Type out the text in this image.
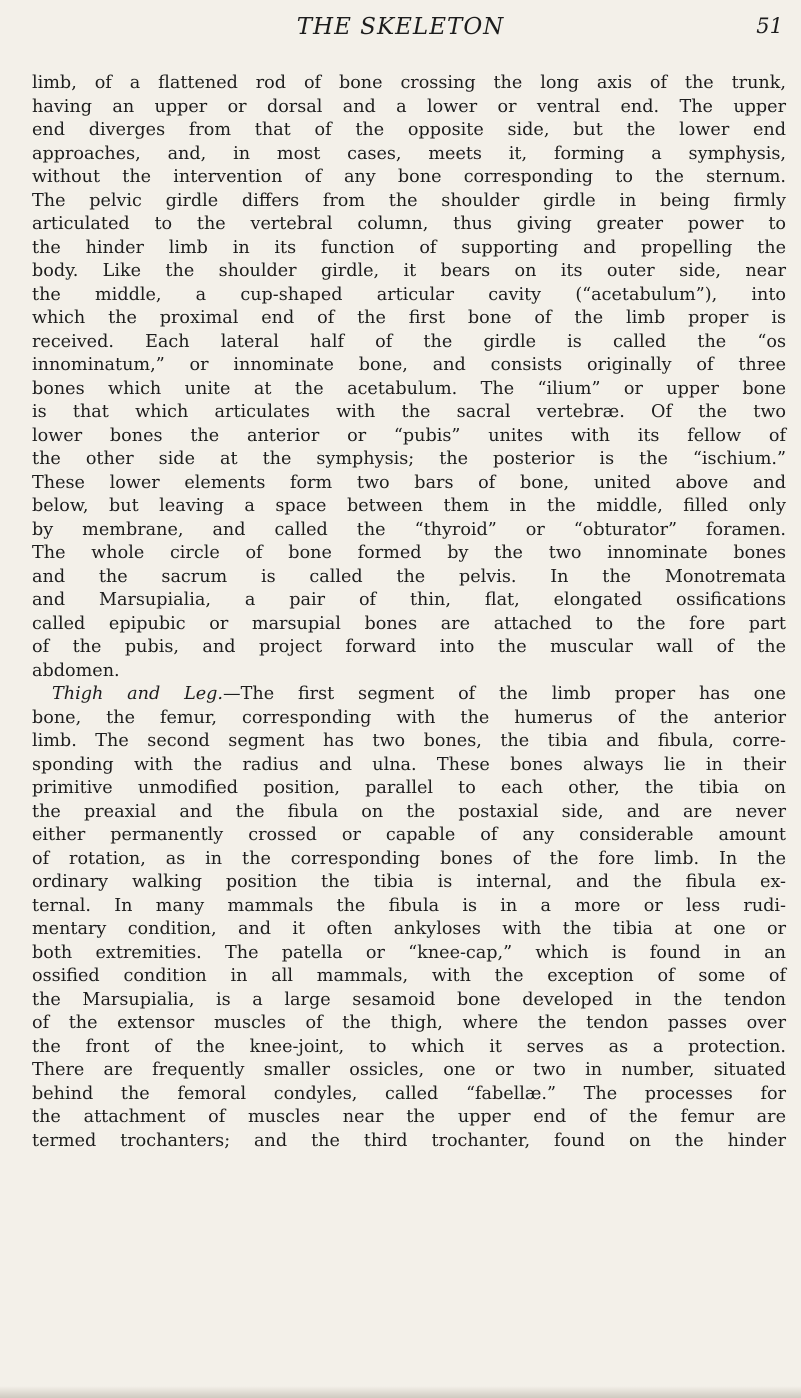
THE SKELETON	51
limb, of a flattened rod of bone crossing the long axis of the trunk,
having an upper or dorsal and a lower or ventral end. The upper
end diverges from that of the opposite side, but the lower end
approaches, and, in most cases, meets it, forming a symphysis,
without the intervention of any bone corresponding to the sternum.
The pelvic girdle differs from the shoulder girdle in being firmly
articulated to the vertebral column, thus giving greater power to
the hinder limb in its function of supporting and propelling the
body. Like the shoulder girdle, it bears on its outer side, near
the middle, a cup-shaped articular cavity (“acetabulum”), into
which the proximal end of the first bone of the limb proper is
received. Each lateral half of the girdle is called the “os
innominatum,” or innominate bone, and consists originally of three
bones which unite at the acetabulum. The “ilium” or upper bone
is that which articulates with the sacral vertebræ. Of the two
lower bones the anterior or “pubis” unites with its fellow of
the other side at the symphysis; the posterior is the “ischium.”
These lower elements form two bars of bone, united above and
below, but leaving a space between them in the middle, filled only
by membrane, and called the “thyroid” or “obturator” foramen.
The whole circle of bone formed by the two innominate bones
and the sacrum is called the pelvis. In the Monotremata
and Marsupialia, a pair of thin, flat, elongated ossifications
called epipubic or marsupial bones are attached to the fore part
of the pubis, and project forward into the muscular wall of the
abdomen.
Thigh and Leg.—The first segment of the limb proper has one
bone, the femur, corresponding with the humerus of the anterior
limb. The second segment has two bones, the tibia and fibula, corre-
sponding with the radius and ulna. These bones always lie in their
primitive unmodified position, parallel to each other, the tibia on
the preaxial and the fibula on the postaxial side, and are never
either permanently crossed or capable of any considerable amount
of rotation, as in the corresponding bones of the fore limb. In the
ordinary walking position the tibia is internal, and the fibula ex-
ternal. In many mammals the fibula is in a more or less rudi-
mentary condition, and it often ankyloses with the tibia at one or
both extremities. The patella or “knee-cap,” which is found in an
ossified condition in all mammals, with the exception of some of
the Marsupialia, is a large sesamoid bone developed in the tendon
of the extensor muscles of the thigh, where the tendon passes over
the front of the knee-joint, to which it serves as a protection.
There are frequently smaller ossicles, one or two in number, situated
behind the femoral condyles, called “fabellæ.” The processes for
the attachment of muscles near the upper end of the femur are
termed trochanters; and the third trochanter, found on the hinder
